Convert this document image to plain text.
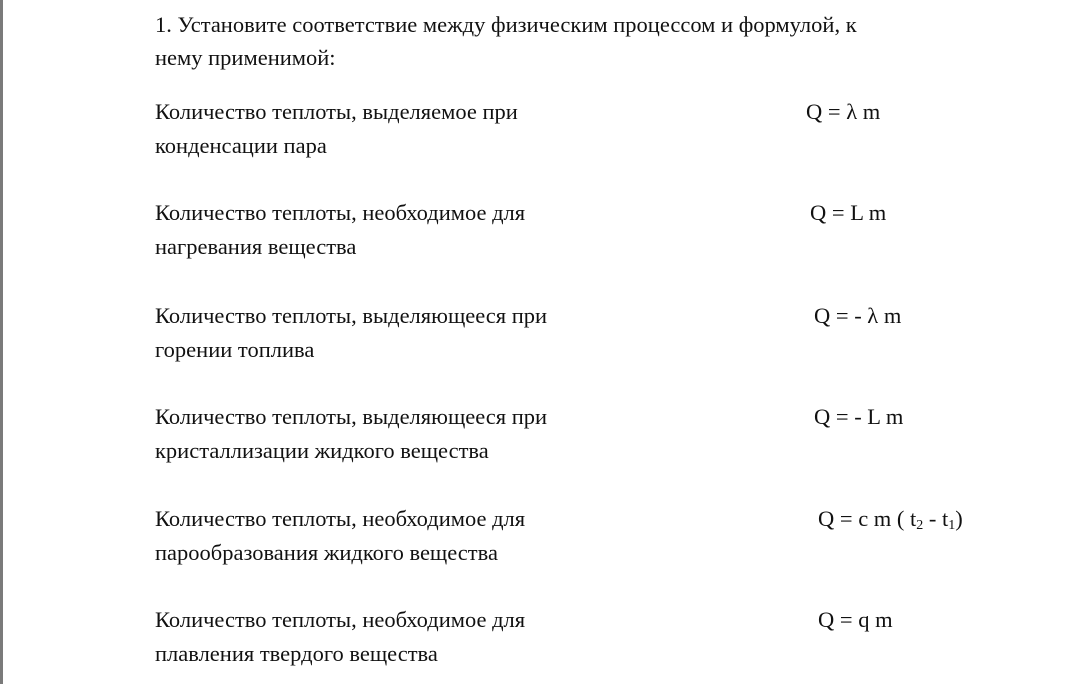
1. Установите соответствие между физическим процессом и формулой, к
нему применимой:
Количество теплоты, выделяемое при
конденсации пара
Q = λ m
Количество теплоты, необходимое для
нагревания вещества
Q = L m
Количество теплоты, выделяющееся при
горении топлива
Q = - λ m
Количество теплоты, выделяющееся при
кристаллизации жидкого вещества
Q = - L m
Количество теплоты, необходимое для
парообразования жидкого вещества
Q = c m ( $t_2 - t_1$)
Количество теплоты, необходимое для
плавления твердого вещества
Q = q m
